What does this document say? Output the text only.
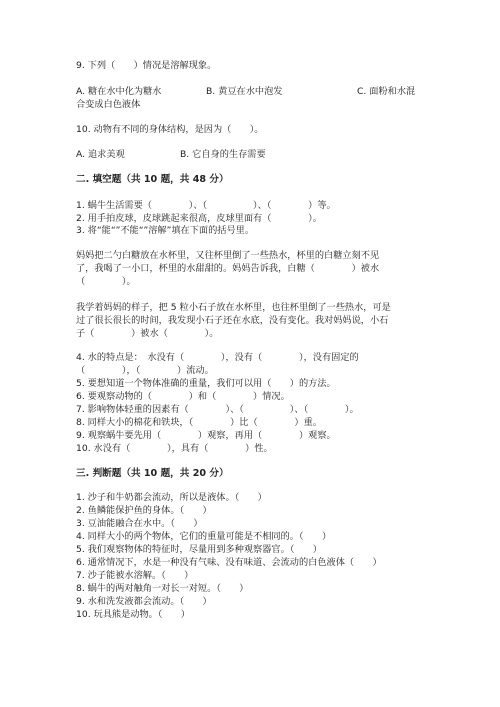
9. 下列（　　）情况是溶解现象。
A. 糖在水中化为糖水	B. 黄豆在水中泡发	C. 面粉和水混
合变成白色液体
10. 动物有不同的身体结构，是因为（　　）。
A. 追求美观	B. 它自身的生存需要
二. 填空题（共 10 题，共 48 分）
1. 蜗牛生活需要（　　　　）、（　　　　　）、（　　　　）等。
2. 用手拍皮球，皮球跳起来很高，皮球里面有（　　　　）。
3. 将“能“”不能“”溶解”填在下面的括号里。
妈妈把二勺白糖放在水杯里，又往杯里倒了一些热水，杯里的白糖立刻不见
了，我喝了一小口，杯里的水甜甜的。妈妈告诉我，白糖（　　　　）被水
（　　　　）。
我学着妈妈的样子，把 5 粒小石子放在水杯里，也往杯里倒了一些热水，可是
过了很长很长的时间，我发现小石子还在水底，没有变化。我对妈妈说，小石
子（　　　　）被水（　　　　）。
4. 水的特点是：　水没有（　　　　），没有（　　　　），没有固定的
（　　　　），（　　　　）流动。
5. 要想知道一个物体准确的重量，我们可以用（　　）的方法。
6. 要观察动物的（　　　　）和（　　　　）情况。
7. 影响物体轻重的因素有（　　　　）、（　　　　　）、（　　　　）。
8. 同样大小的棉花和铁块，（　　　　）比（　　　　）重。
9. 观察蜗牛要先用（　　　　）观察，再用（　　　　）观察。
10. 水没有（　　　　），具有（　　　　）性。
三. 判断题（共 10 题，共 20 分）
1. 沙子和牛奶都会流动，所以是液体。（　　）
2. 鱼鳞能保护鱼的身体。（　　）
3. 豆油能融合在水中。（　　）
4. 同样大小的两个物体，它们的重量可能是不相同的。（　　）
5. 我们观察物体的特征时，尽量用到多种观察器官。（　　）
6. 通常情况下，水是一种没有气味、没有味道、会流动的白色液体（　　）
7. 沙子能被水溶解。（　　）
8. 蜗牛的两对触角一对长一对短。（　　）
9. 水和洗发液都会流动。（　　）
10. 玩具熊是动物。（　　）
